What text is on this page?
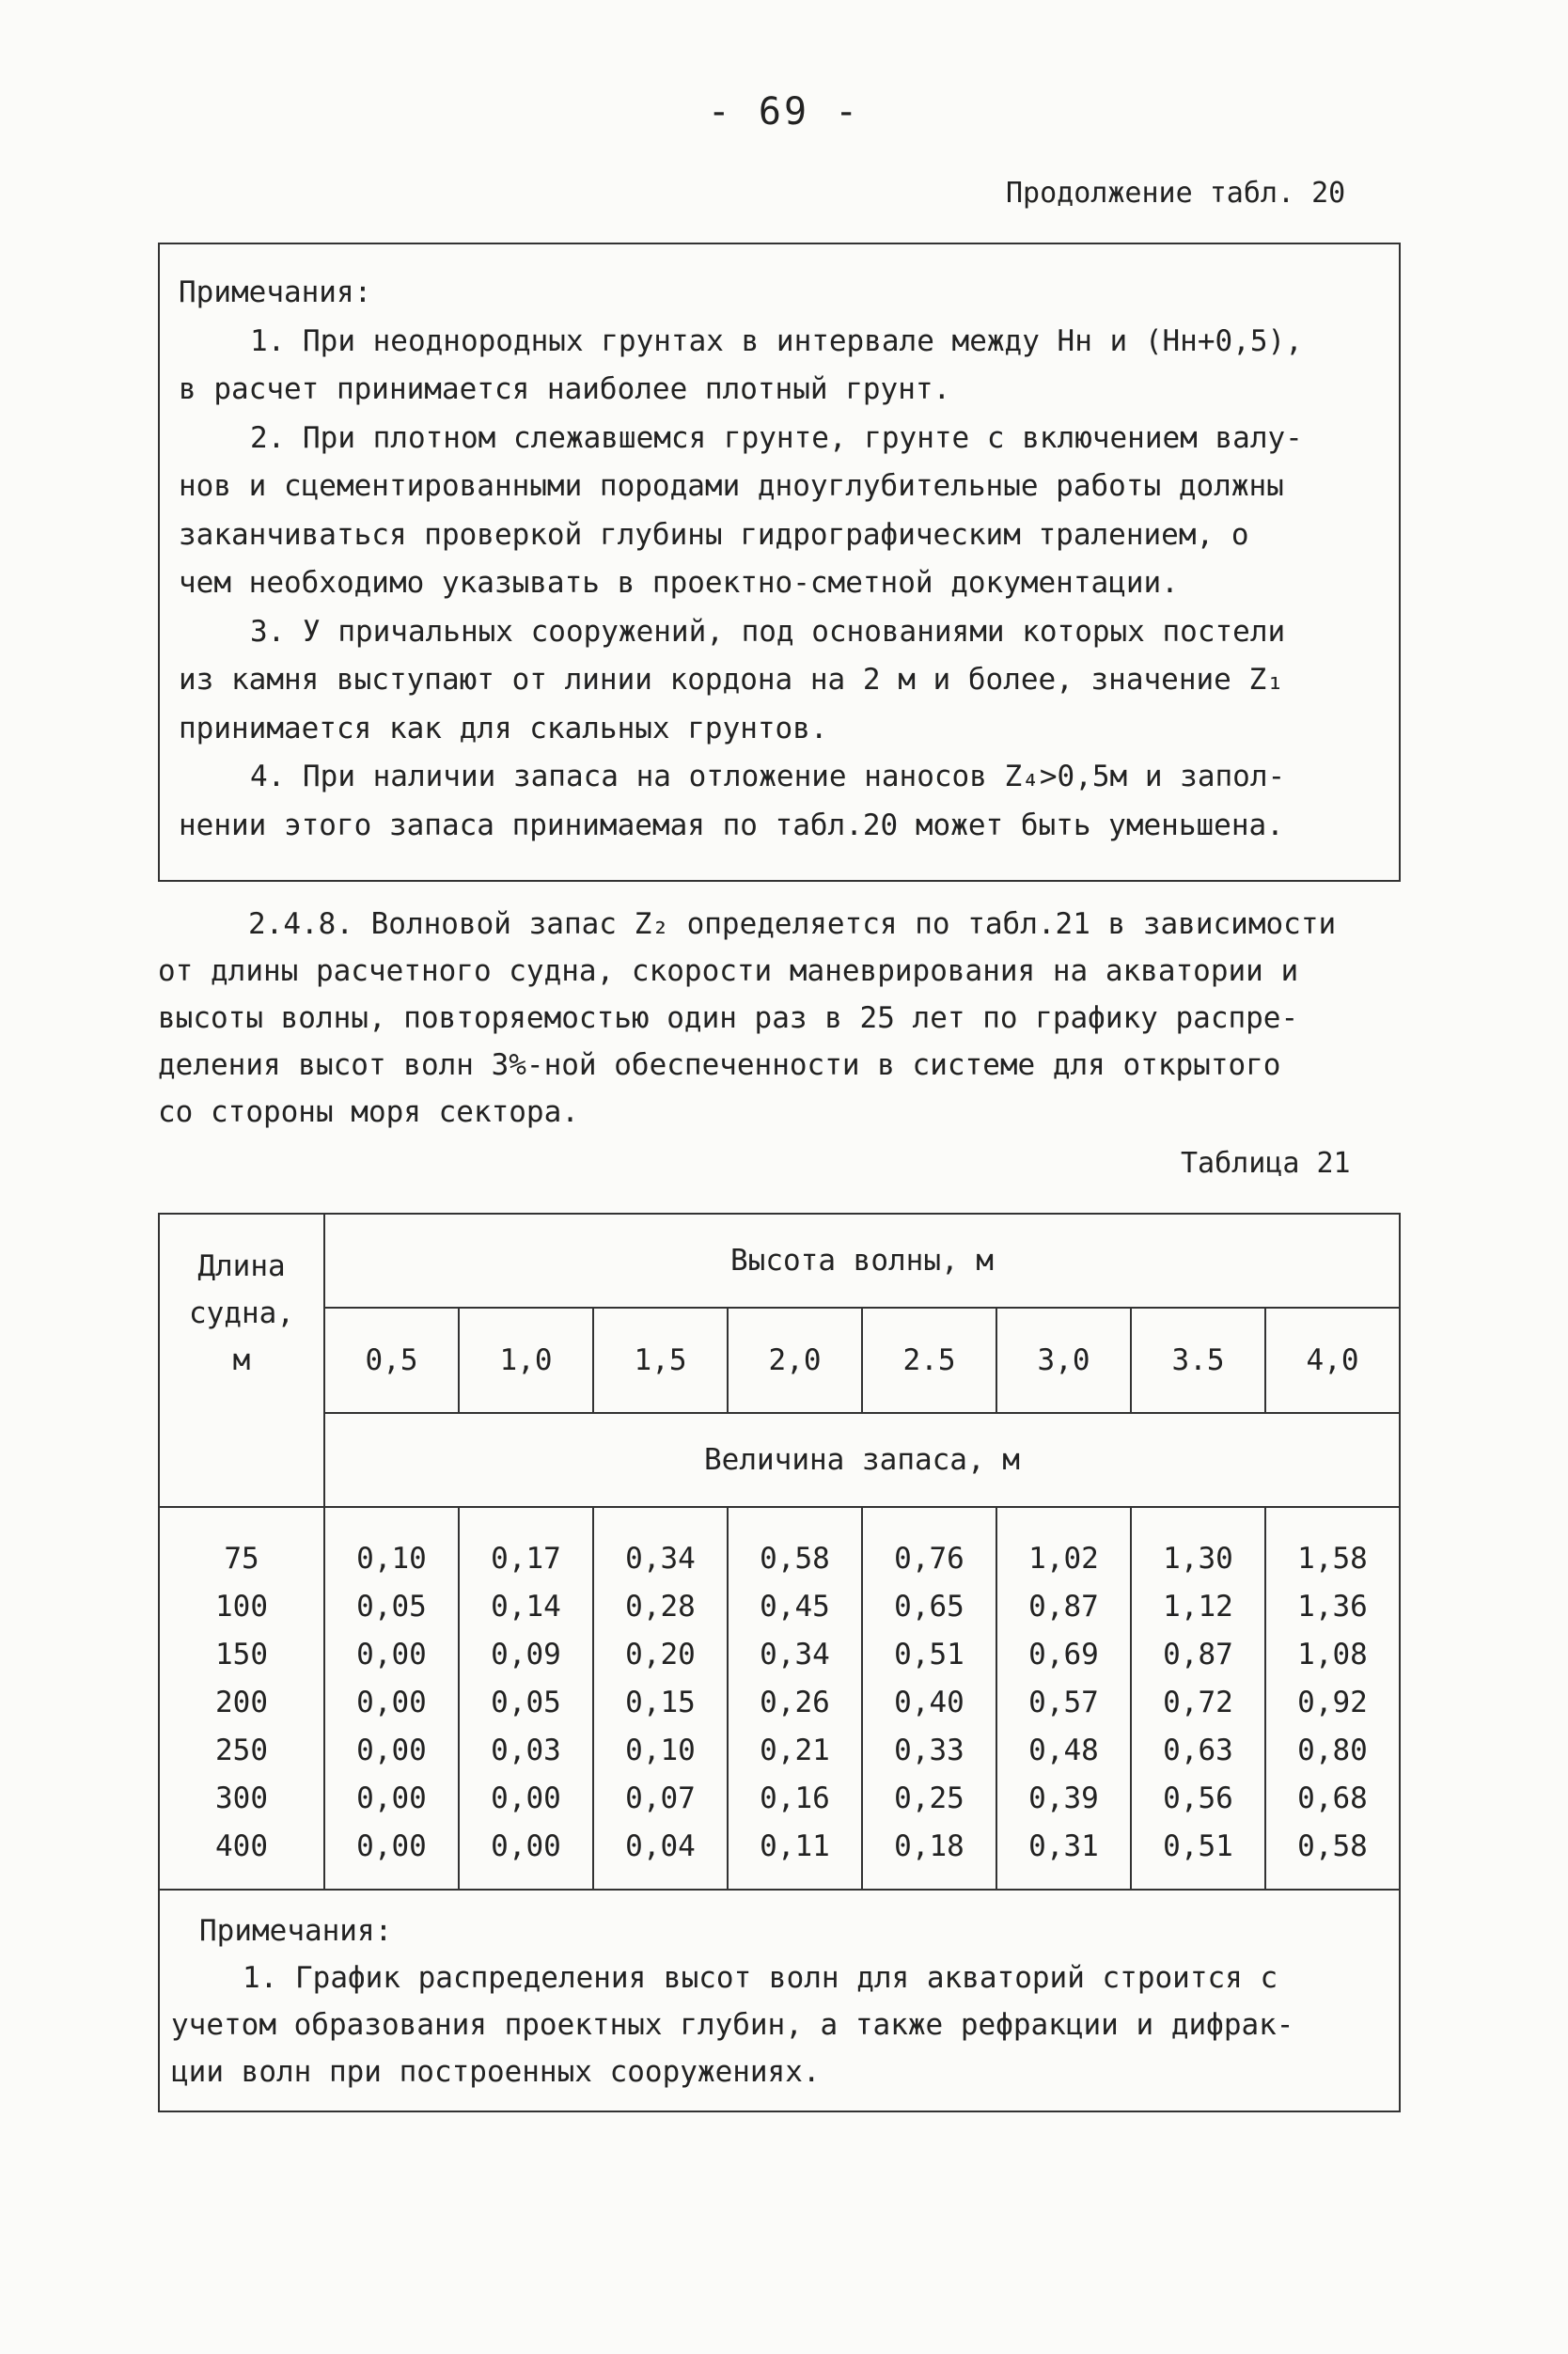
- 69 -
Продолжение табл. 20
Примечания:
1. При неоднородных грунтах в интервале между Hн и (Hн+0,5),
в расчет принимается наиболее плотный грунт.
2. При плотном слежавшемся грунте, грунте с включением валу-
нов и сцементированными породами дноуглубительные работы должны
заканчиваться проверкой глубины гидрографическим тралением, о
чем необходимо указывать в проектно-сметной документации.
3. У причальных сооружений, под основаниями которых постели
из камня выступают от линии кордона на 2 м и более, значение Z₁
принимается как для скальных грунтов.
4. При наличии запаса на отложение наносов Z₄>0,5м и запол-
нении этого запаса принимаемая по табл.20 может быть уменьшена.
2.4.8. Волновой запас Z₂ определяется по табл.21 в зависимости
от длины расчетного судна, скорости маневрирования на акватории и
высоты волны, повторяемостью один раз в 25 лет по графику распре-
деления высот волн 3%-ной обеспеченности в системе для открытого
со стороны моря сектора.
Таблица 21
Длина
судна,
м	Высота волны, м							
	0,5	1,0	1,5	2,0	2.5	3,0	3.5	4,0
	Величина запаса, м							
75	0,10	0,17	0,34	0,58	0,76	1,02	1,30	1,58
100	0,05	0,14	0,28	0,45	0,65	0,87	1,12	1,36
150	0,00	0,09	0,20	0,34	0,51	0,69	0,87	1,08
200	0,00	0,05	0,15	0,26	0,40	0,57	0,72	0,92
250	0,00	0,03	0,10	0,21	0,33	0,48	0,63	0,80
300	0,00	0,00	0,07	0,16	0,25	0,39	0,56	0,68
400	0,00	0,00	0,04	0,11	0,18	0,31	0,51	0,58

Примечания:
1. График распределения высот волн для акваторий строится с
учетом образования проектных глубин, а также рефракции и дифрак-
ции волн при построенных сооружениях.								
